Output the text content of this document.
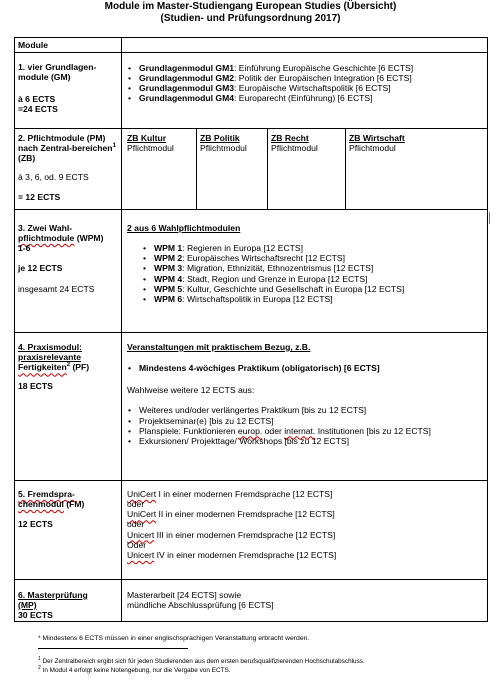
Module im Master-Studiengang European Studies (Übersicht)
(Studien- und Prüfungsordnung 2017)
Module
1. vier Grundlagen-module (GM)
à 6 ECTS
=24 ECTS
• Grundlagenmodul GM1: Einführung Europäische Geschichte [6 ECTS]
• Grundlagenmodul GM2: Politik der Europäischen Integration [6 ECTS]
• Grundlagenmodul GM3: Europäische Wirtschaftspolitik [6 ECTS]
• Grundlagenmodul GM4: Europarecht (Einführung) [6 ECTS]
2. Pflichtmodule (PM) nach Zentral-bereichen$^1$ (ZB)
à 3, 6, od. 9 ECTS
= 12 ECTS
ZB Kultur
Pflichtmodul
ZB Politik
Pflichtmodul
ZB Recht
Pflichtmodul
ZB Wirtschaft
Pflichtmodul
3. Zwei Wahl-
pflichtmodule (WPM)
1-6
je 12 ECTS
insgesamt 24 ECTS
2 aus 6 Wahlpflichtmodulen
• WPM 1: Regieren in Europa [12 ECTS]
• WPM 2: Europäisches Wirtschaftsrecht [12 ECTS]
• WPM 3: Migration, Ethnizität, Ethnozentrismus [12 ECTS]
• WPM 4: Stadt, Region und Grenze in Europa [12 ECTS]
• WPM 5: Kultur, Geschichte und Gesellschaft in Europa [12 ECTS]
• WPM 6: Wirtschaftspolitik in Europa [12 ECTS]
4. Praxismodul:
praxisrelevante
Fertigkeiten$^2$ (PF)
18 ECTS
Veranstaltungen mit praktischem Bezug, z.B.
• Mindestens 4-wöchiges Praktikum (obligatorisch) [6 ECTS]
Wahlweise weitere 12 ECTS aus:
• Weiteres und/oder verlängertes Praktikum [bis zu 12 ECTS]
• Projektseminar(e) [bis zu 12 ECTS]
• Planspiele: Funktionieren europ. oder internat. Institutionen [bis zu 12 ECTS]
• Exkursionen/ Projekttage/ Workshops [bis zu 12 ECTS]
5. Fremdspra-
chenmodul (FM)
12 ECTS
UniCert I in einer modernen Fremdsprache [12 ECTS]
oder
UniCert II in einer modernen Fremdsprache [12 ECTS]
oder
Unicert III in einer modernen Fremdsprache [12 ECTS]
Oder
Unicert IV in einer modernen Fremdsprache [12 ECTS]
6. Masterprüfung
(MP)
30 ECTS
Masterarbeit [24 ECTS] sowie
mündliche Abschlussprüfung [6 ECTS]
* Mindestens 6 ECTS müssen in einer englischsprachigen Veranstaltung erbracht werden.
$^1$ Der Zentralbereich ergibt sich für jeden Studierenden aus dem ersten berufsqualifizierenden Hochschulabschluss.
$^2$ In Modul 4 erfolgt keine Notengebung, nur die Vergabe von ECTS.
